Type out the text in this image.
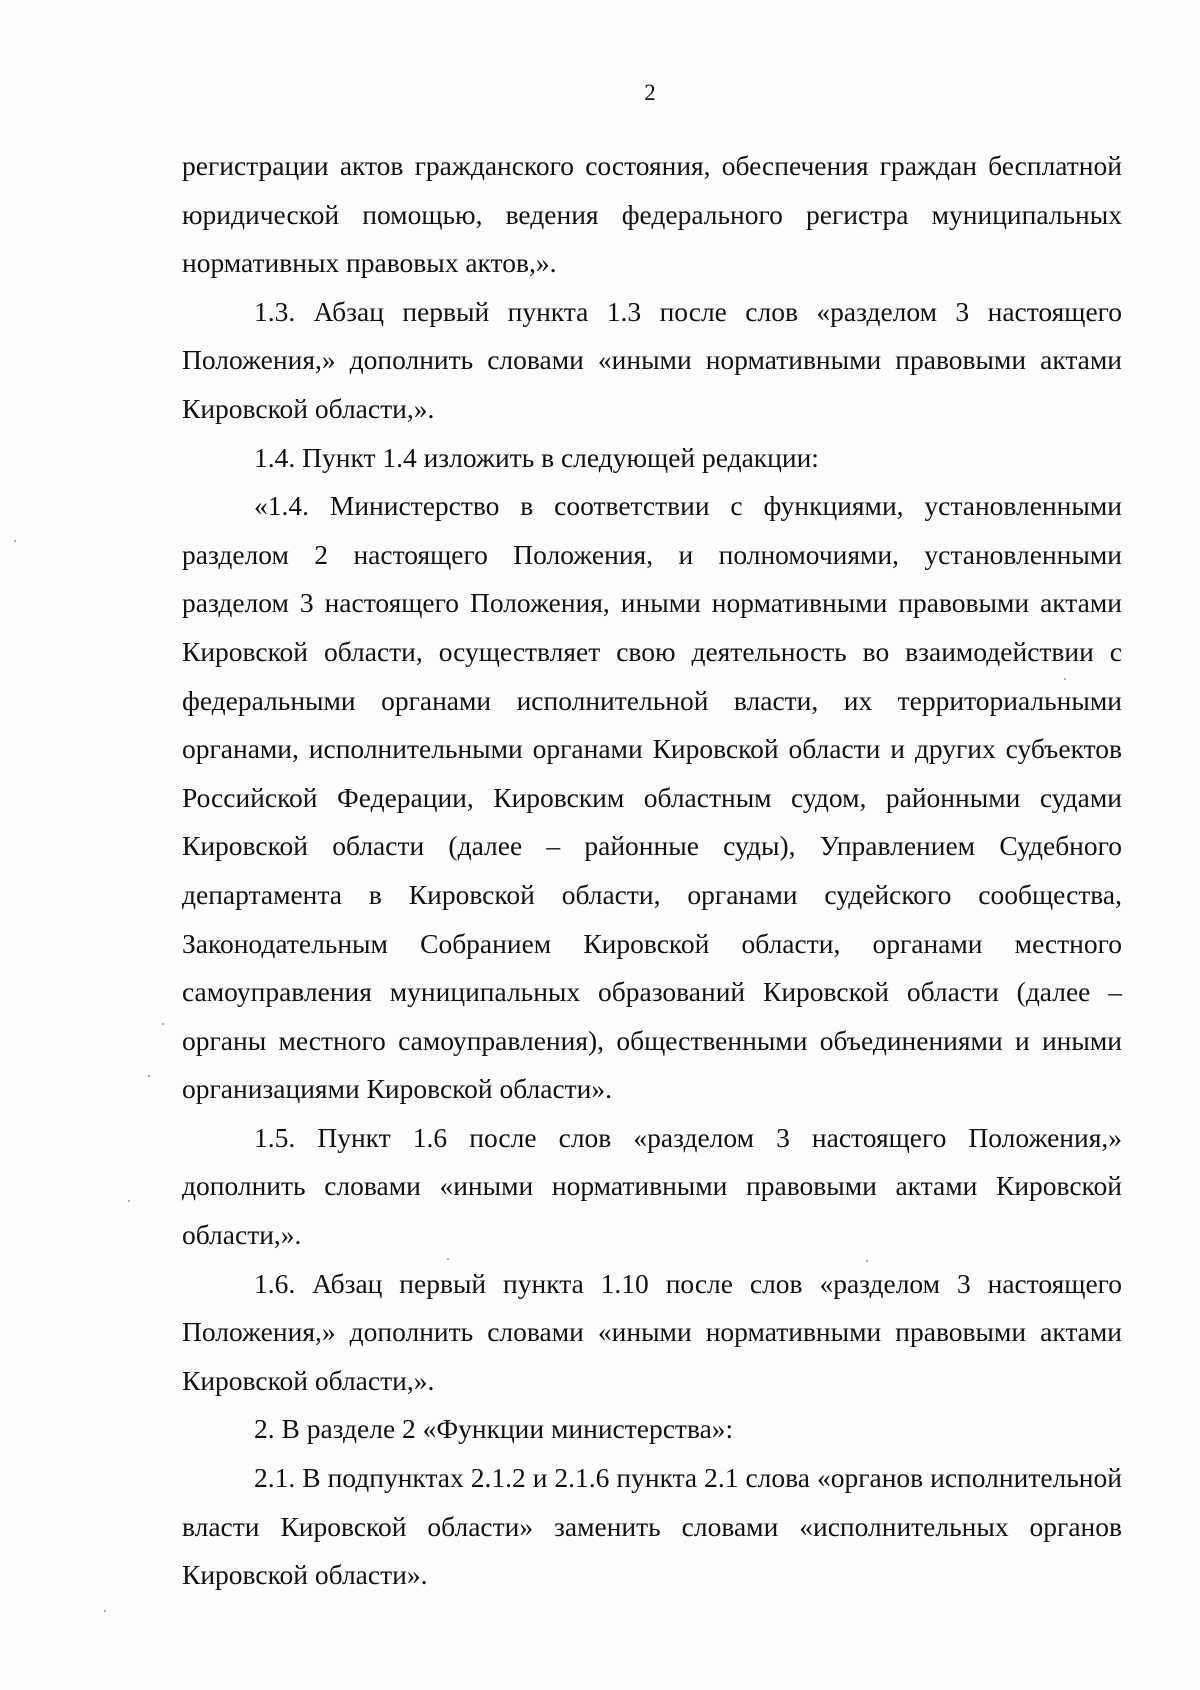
2

регистрации актов гражданского состояния, обеспечения граждан бесплатной юридической помощью, ведения федерального регистра муниципальных нормативных правовых актов,».

1.3. Абзац первый пункта 1.3 после слов «разделом 3 настоящего Положения,» дополнить словами «иными нормативными правовыми актами Кировской области,».

1.4. Пункт 1.4 изложить в следующей редакции:

«1.4. Министерство в соответствии с функциями, установленными разделом 2 настоящего Положения, и полномочиями, установленными разделом 3 настоящего Положения, иными нормативными правовыми актами Кировской области, осуществляет свою деятельность во взаимодействии с федеральными органами исполнительной власти, их территориальными органами, исполнительными органами Кировской области и других субъектов Российской Федерации, Кировским областным судом, районными судами Кировской области (далее – районные суды), Управлением Судебного департамента в Кировской области, органами судейского сообщества, Законодательным Собранием Кировской области, органами местного самоуправления муниципальных образований Кировской области (далее – органы местного самоуправления), общественными объединениями и иными организациями Кировской области».

1.5. Пункт 1.6 после слов «разделом 3 настоящего Положения,» дополнить словами «иными нормативными правовыми актами Кировской области,».

1.6. Абзац первый пункта 1.10 после слов «разделом 3 настоящего Положения,» дополнить словами «иными нормативными правовыми актами Кировской области,».

2. В разделе 2 «Функции министерства»:

2.1. В подпунктах 2.1.2 и 2.1.6 пункта 2.1 слова «органов исполнительной власти Кировской области» заменить словами «исполнительных органов Кировской области».
